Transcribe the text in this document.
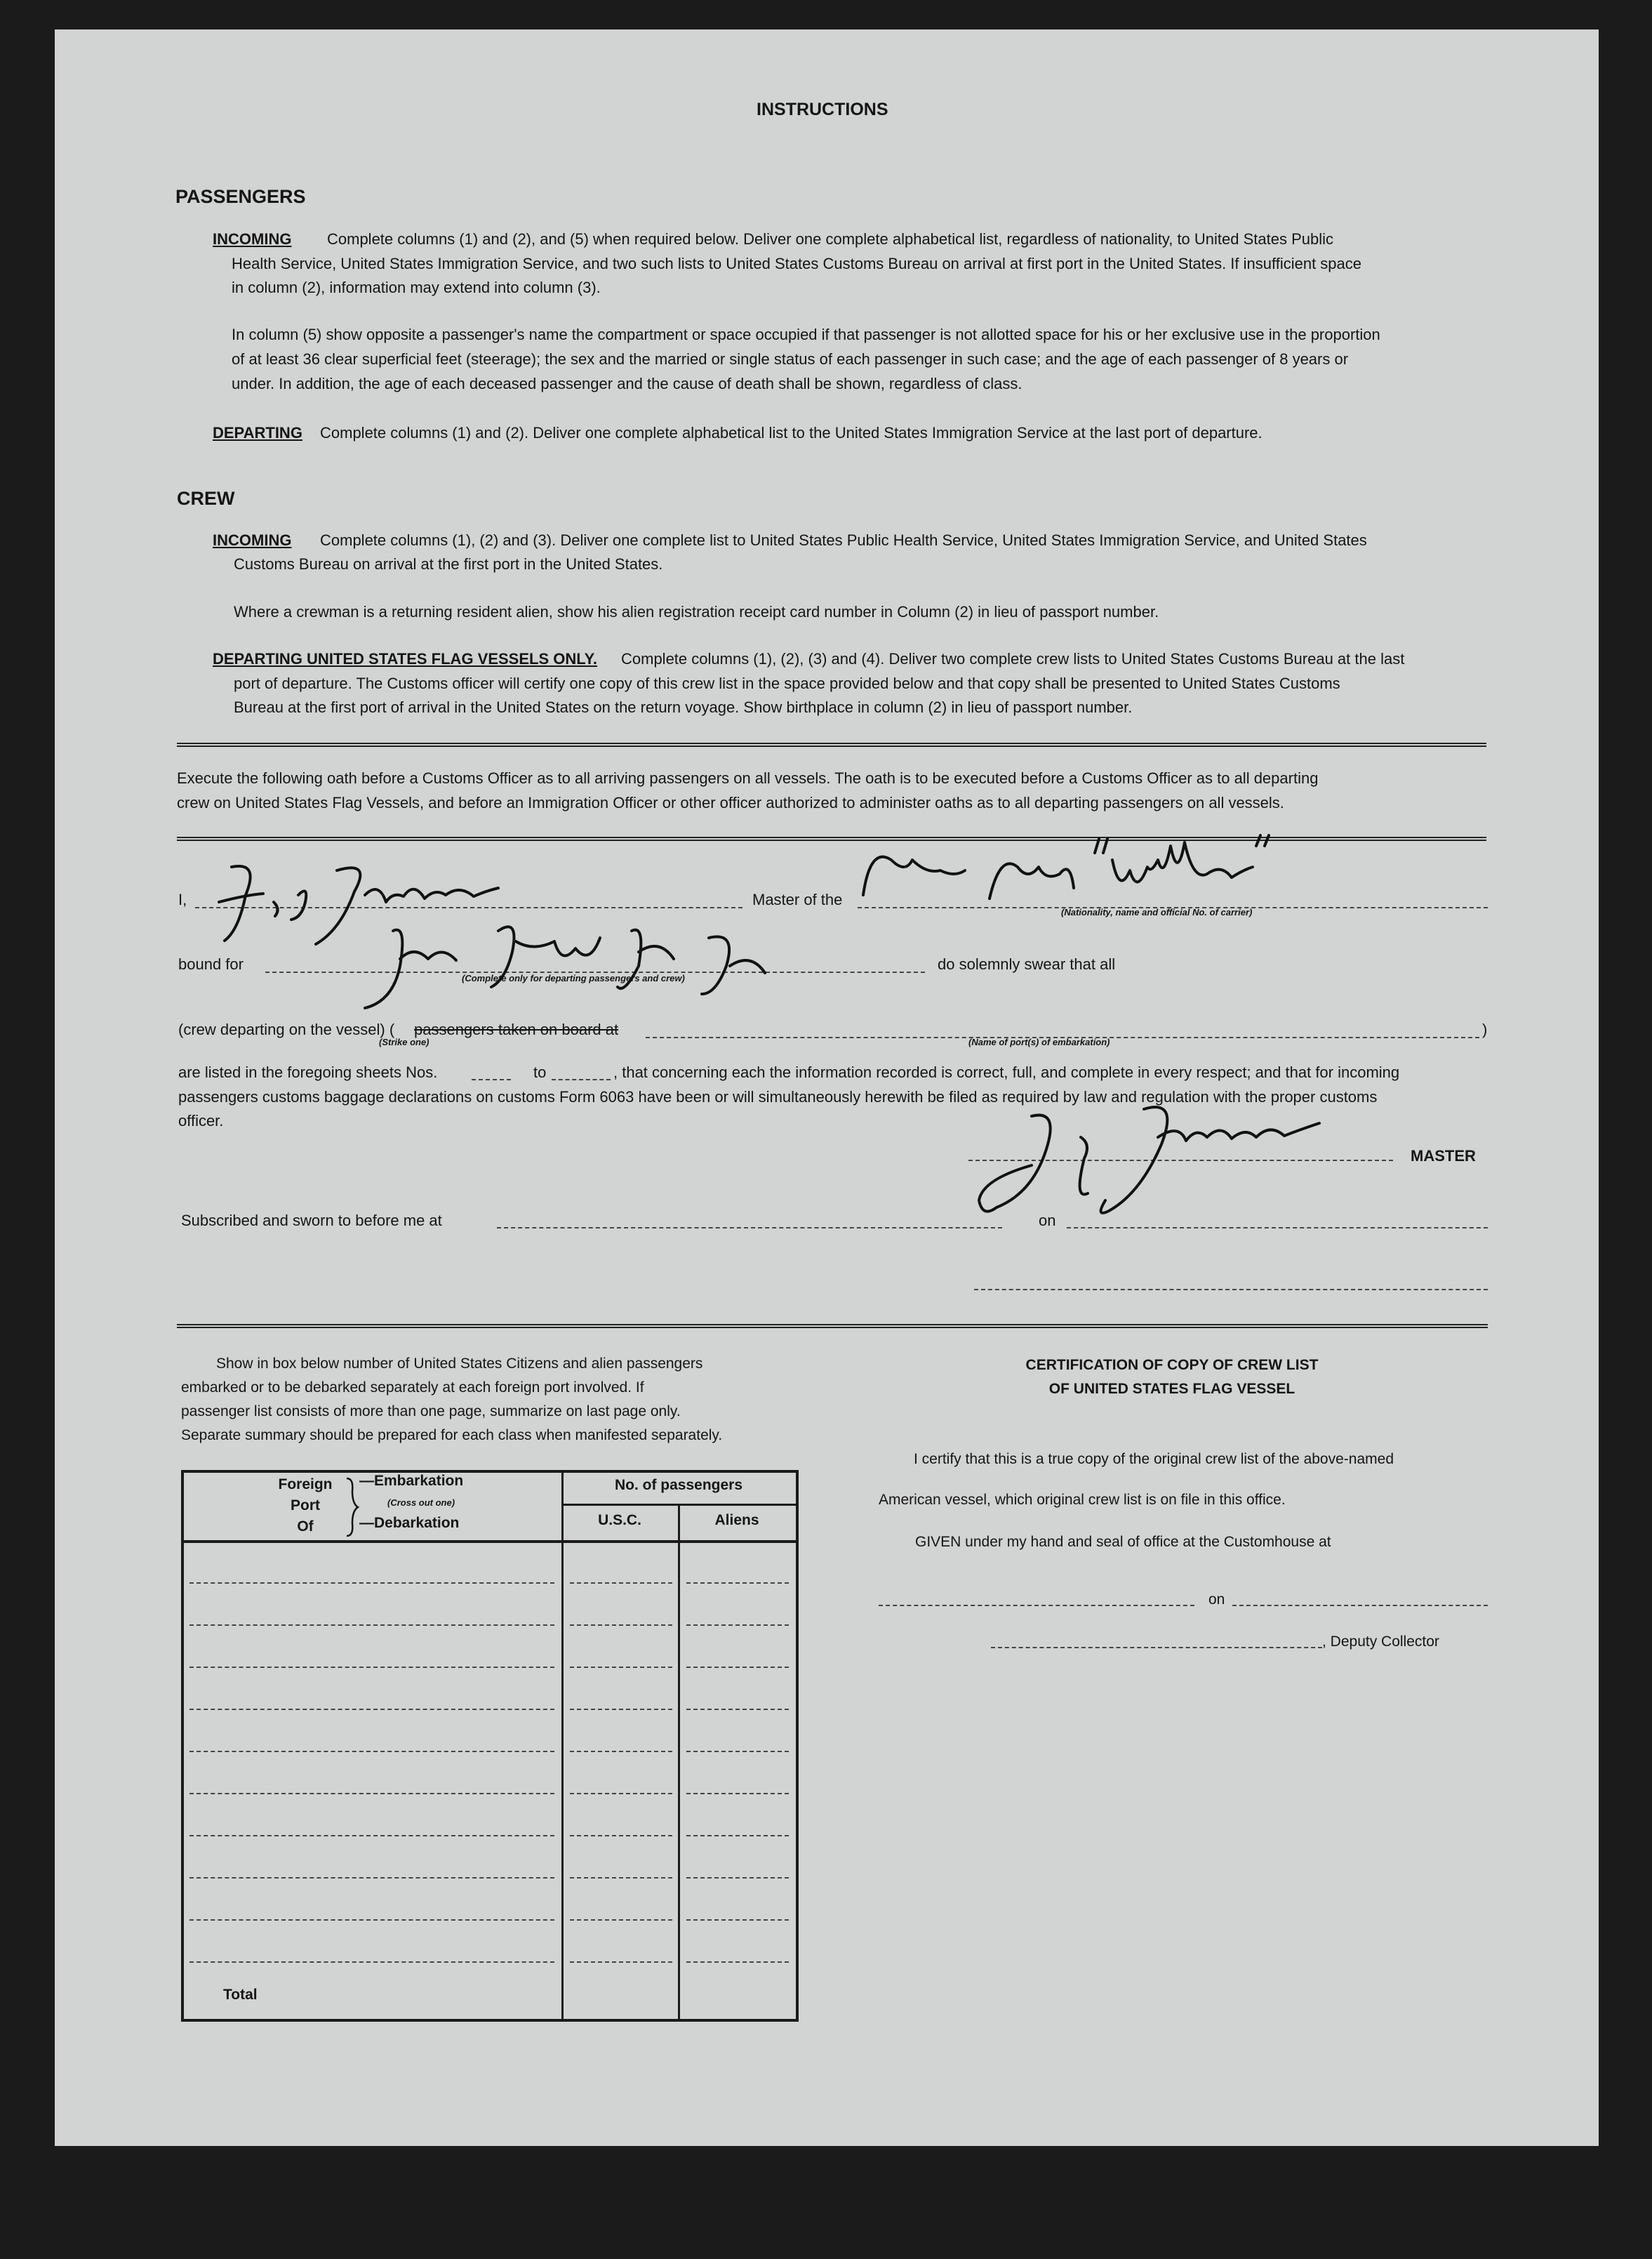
INSTRUCTIONS
PASSENGERS
INCOMING Complete columns (1) and (2), and (5) when required below. Deliver one complete alphabetical list, regardless of nationality, to United States Public
Health Service, United States Immigration Service, and two such lists to United States Customs Bureau on arrival at first port in the United States. If insufficient space
in column (2), information may extend into column (3).
In column (5) show opposite a passenger's name the compartment or space occupied if that passenger is not allotted space for his or her exclusive use in the proportion
of at least 36 clear superficial feet (steerage); the sex and the married or single status of each passenger in such case; and the age of each passenger of 8 years or
under. In addition, the age of each deceased passenger and the cause of death shall be shown, regardless of class.
DEPARTING Complete columns (1) and (2). Deliver one complete alphabetical list to the United States Immigration Service at the last port of departure.
CREW
INCOMING Complete columns (1), (2) and (3). Deliver one complete list to United States Public Health Service, United States Immigration Service, and United States
Customs Bureau on arrival at the first port in the United States.
Where a crewman is a returning resident alien, show his alien registration receipt card number in Column (2) in lieu of passport number.
DEPARTING UNITED STATES FLAG VESSELS ONLY. Complete columns (1), (2), (3) and (4). Deliver two complete crew lists to United States Customs Bureau at the last
port of departure. The Customs officer will certify one copy of this crew list in the space provided below and that copy shall be presented to United States Customs
Bureau at the first port of arrival in the United States on the return voyage. Show birthplace in column (2) in lieu of passport number.
Execute the following oath before a Customs Officer as to all arriving passengers on all vessels. The oath is to be executed before a Customs Officer as to all departing
crew on United States Flag Vessels, and before an Immigration Officer or other officer authorized to administer oaths as to all departing passengers on all vessels.
I,	Master of the
(Nationality, name and official No. of carrier)
bound for
(Complete only for departing passengers and crew)
do solemnly swear that all
(crew departing on the vessel) ( passengers taken on board at	)
(Strike one)	(Name of port(s) of embarkation)
are listed in the foregoing sheets Nos.	to	, that concerning each the information recorded is correct, full, and complete in every respect; and that for incoming
passengers customs baggage declarations on customs Form 6063 have been or will simultaneously herewith be filed as required by law and regulation with the proper customs
officer.
MASTER
Subscribed and sworn to before me at	on
Show in box below number of United States Citizens and alien passengers
embarked or to be debarked separately at each foreign port involved. If
passenger list consists of more than one page, summarize on last page only.
Separate summary should be prepared for each class when manifested separately.
Foreign
Port
Of
—Embarkation
(Cross out one)
—Debarkation
No. of passengers
U.S.C.	Aliens
Total
CERTIFICATION OF COPY OF CREW LIST
OF UNITED STATES FLAG VESSEL
I certify that this is a true copy of the original crew list of the above-named
American vessel, which original crew list is on file in this office.
GIVEN under my hand and seal of office at the Customhouse at
on
, Deputy Collector
